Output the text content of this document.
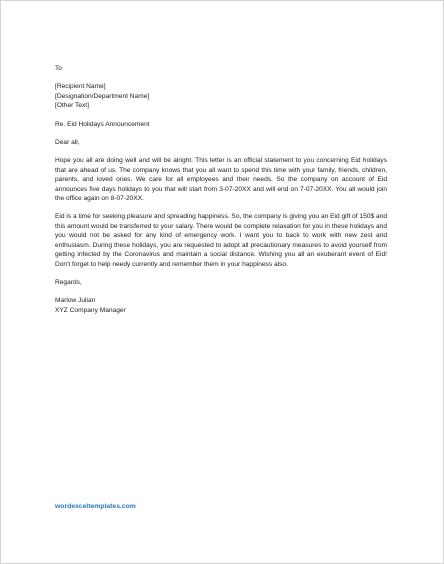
To
[Recipient Name]
[Designation/Department Name]
[Other Text]
Re. Eid Holidays Announcement
Dear all,

Hope you all are doing well and will be alright. This letter is an official statement to you concerning Eid holidays that are ahead of us. The company knows that you all want to spend this time with your family, friends, children, parents, and loved ones. We care for all employees and their needs. So the company on account of Eid announces five days holidays to you that will start from 3-07-20XX and will end on 7-07-20XX. You all would join the office again on 8-07-20XX.

Eid is a time for seeking pleasure and spreading happiness. So, the company is giving you an Eid gift of 150$ and this amount would be transferred to your salary. There would be complete relaxation for you in these holidays and you would not be asked for any kind of emergency work. I want you to back to work with new zest and enthusiasm. During these holidays, you are requested to adopt all precautionary measures to avoid yourself from getting infected by the Coronavirus and maintain a social distance. Wishing you all an exuberant event of Eid! Don't forget to help needy currently and remember them in your happiness also.

Regards,
Marlow Julian
XYZ Company Manager
wordexceltemplates.com
